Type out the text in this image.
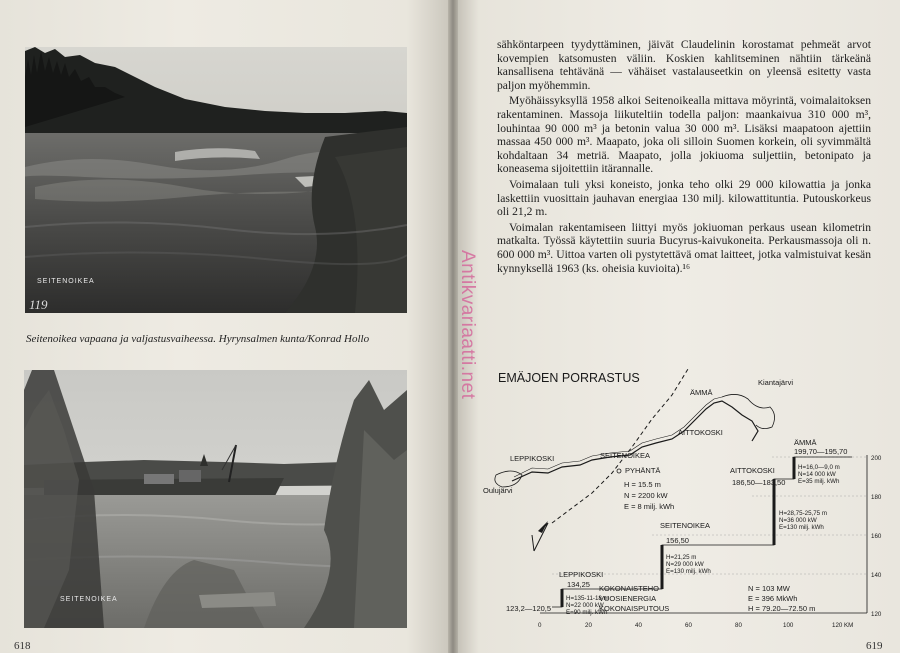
SEITENOIKEA
119
Seitenoikea vapaana ja valjastusvaiheessa. Hyrynsalmen kunta/Konrad Hollo
SEITENOIKEA
618

sähköntarpeen tyydyttäminen, jäivät Claudelinin korostamat pehmeät arvot kovempien katsomusten väliin. Koskien kahlitseminen nähtiin tärkeänä kansallisena tehtävänä — vähäiset vastalauseetkin on yleensä esitetty vasta paljon myöhemmin.

Myöhäissyksyllä 1958 alkoi Seitenoikealla mittava möyrintä, voimalaitoksen rakentaminen. Massoja liikuteltiin todella paljon: maankaivua 310 000 m³, louhintaa 90 000 m³ ja betonin valua 30 000 m³. Lisäksi maapatoon ajettiin massaa 450 000 m³. Maapato, joka oli silloin Suomen korkein, oli syvimmältä kohdaltaan 34 metriä. Maapato, jolla jokiuoma suljettiin, betonipato ja koneasema sijoitettiin itärannalle.

Voimalaan tuli yksi koneisto, jonka teho olki 29 000 kilowattia ja jonka laskettiin vuosittain jauhavan energiaa 130 milj. kilowattituntia. Putouskorkeus oli 21,2 m.

Voimalan rakentamiseen liittyi myös jokiuoman perkaus usean kilometrin matkalta. Työssä käytettiin suuria Bucyrus-kaivukoneita. Perkausmassoja oli n. 600 000 m³. Uittoa varten oli pystytettävä omat laitteet, jotka valmistuivat kesän kynnyksellä 1963 (ks. oheisia kuvioita).¹⁶

Antikvariaatti.net EMÄJOEN PORRASTUS
ÄMMÄ
Kiantajärvi
AITTOKOSKI
SEITENOIKEA
LEPPIKOSKI
PYHÄNTÄ
Oulujärvi
H = 15.5 m
N = 2200 kW
E = 8 milj. kWh
0	20	40	60	80	100	120 KM
120
140
160
180
200
LEPPIKOSKI
134,25
123,2—120,5
H=135-11-18 m
N=22 000 kW
E=90 milj. kWh
SEITENOIKEA
156,50
H=21,25 m
N=29 000 kW
E=130 milj. kWh
AITTOKOSKI
186,50—183,50
H=28,75-25,75 m
N=36 000 kW
E=130 milj. kWh
ÄMMÄ
199,70—195,70
H=16,0—9,0 m
N=14 000 kW
E=35 milj. kWh
KOKONAISTEHO
VUOSIENERGIA
KOKONAISPUTOUS
N = 103 MW
E = 396 MkWh
H = 79.20—72.50 m
619
